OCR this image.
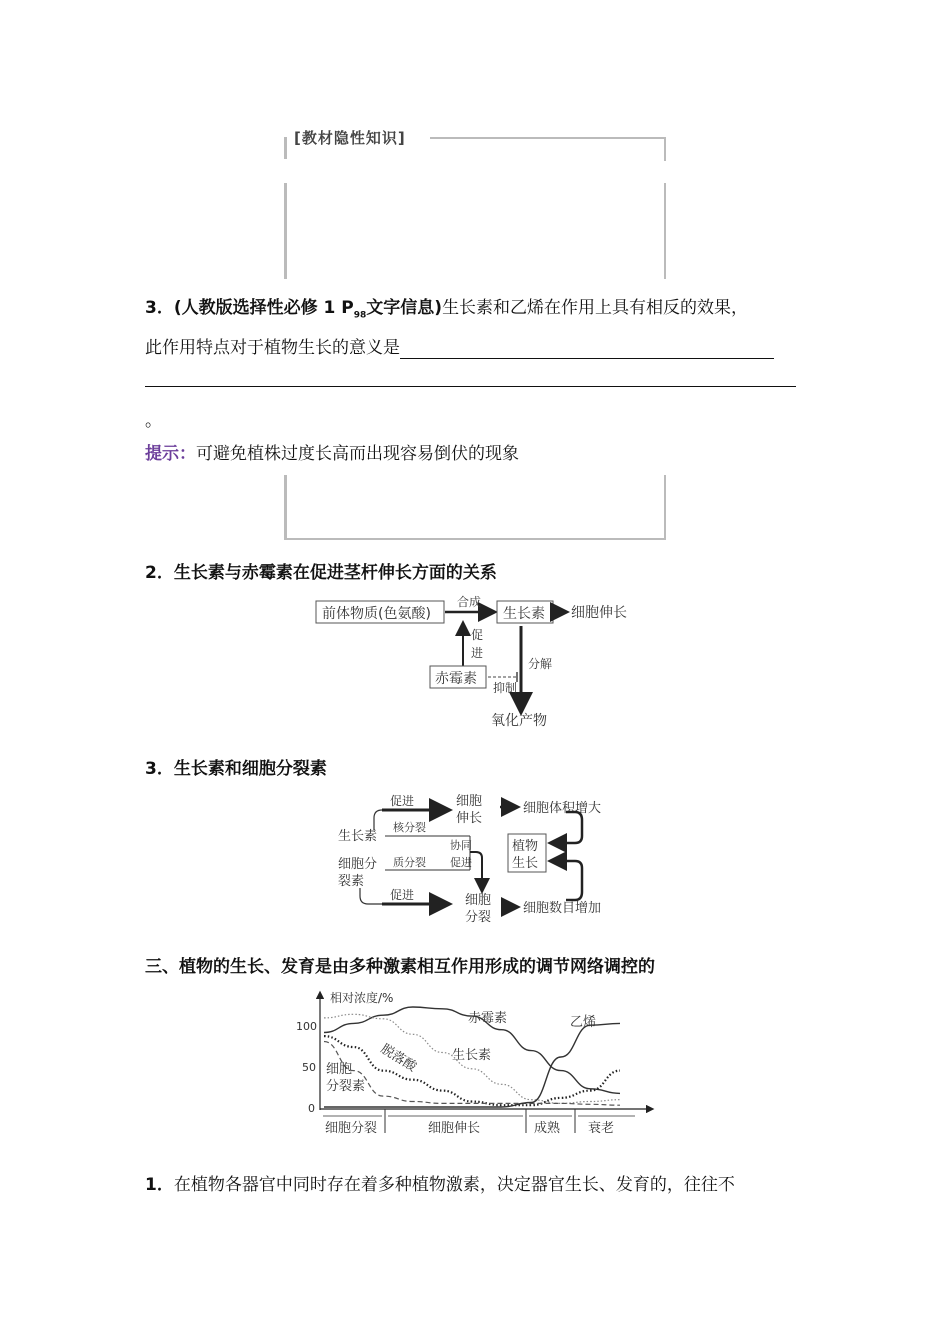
[教材隐性知识]
3．(人教版选择性必修 1 $P_{98}$文字信息)生长素和乙烯在作用上具有相反的效果，
此作用特点对于植物生长的意义是
。
提示：可避免植株过度长高而出现容易倒伏的现象
2．生长素与赤霉素在促进茎杆伸长方面的关系
前体物质(色氨酸)
合成
生长素 细胞伸长
促
进
赤霉素
分解
抑制
氧化产物
3．生长素和细胞分裂素
促进	细胞
伸长
细胞体积增大
生长素
核分裂
细胞分
裂素
质分裂
协同
促进
促进	细胞
分裂
细胞数目增加
植物
生长
三、植物的生长、发育是由多种激素相互作用形成的调节网络调控的
相对浓度/%
100
50
0
赤霉素	乙烯
生长素
脱落酸
细胞
分裂素
细胞分裂	细胞伸长	成熟 衰老
1．在植物各器官中同时存在着多种植物激素，决定器官生长、发育的，往往不
